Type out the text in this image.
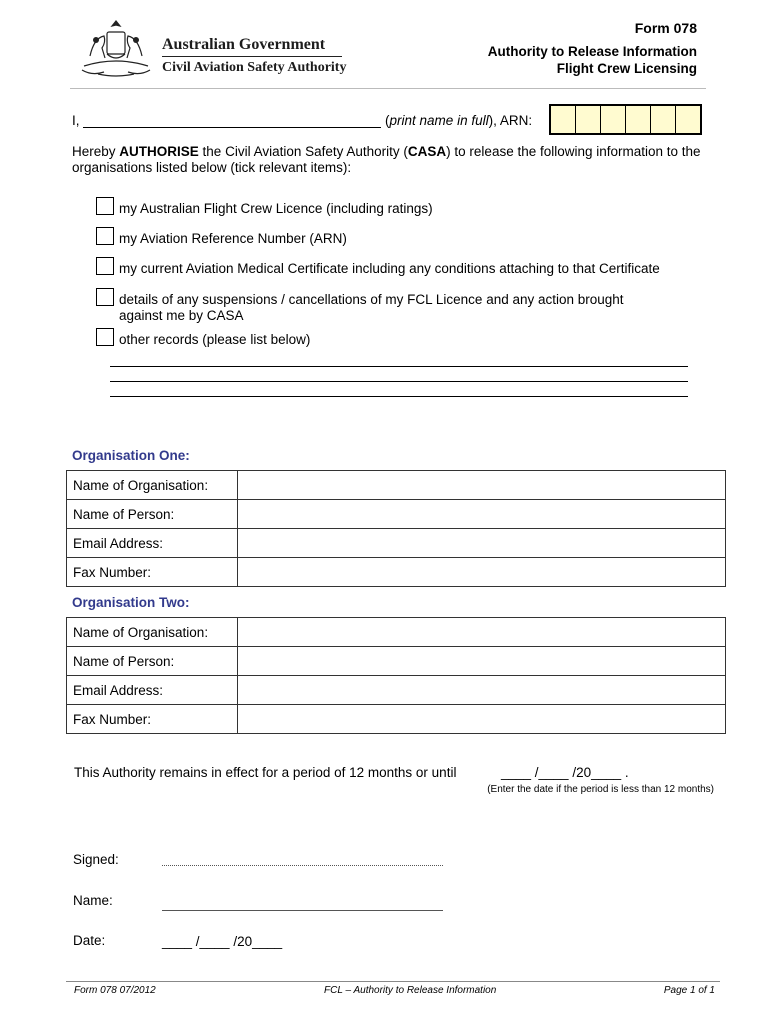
Australian Government
Civil Aviation Safety Authority
Form 078
Authority to Release Information
Flight Crew Licensing
I,	(print name in full), ARN:
Hereby AUTHORISE the Civil Aviation Safety Authority (CASA) to release the following information to the organisations listed below (tick relevant items):
my Australian Flight Crew Licence (including ratings)
my Aviation Reference Number (ARN)
my current Aviation Medical Certificate including any conditions attaching to that Certificate
details of any suspensions / cancellations of my FCL Licence and any action brought against me by CASA
other records (please list below)
Organisation One:
Name of Organisation:	
Name of Person:	
Email Address:	
Fax Number:	
Organisation Two:
Name of Organisation:	
Name of Person:	
Email Address:	
Fax Number:	
This Authority remains in effect for a period of 12 months or until	____ /____ /20____ .
(Enter the date if the period is less than 12 months)
Signed:
Name:
Date:	____ /____ /20____
Form 078 07/2012	FCL – Authority to Release Information	Page 1 of 1
